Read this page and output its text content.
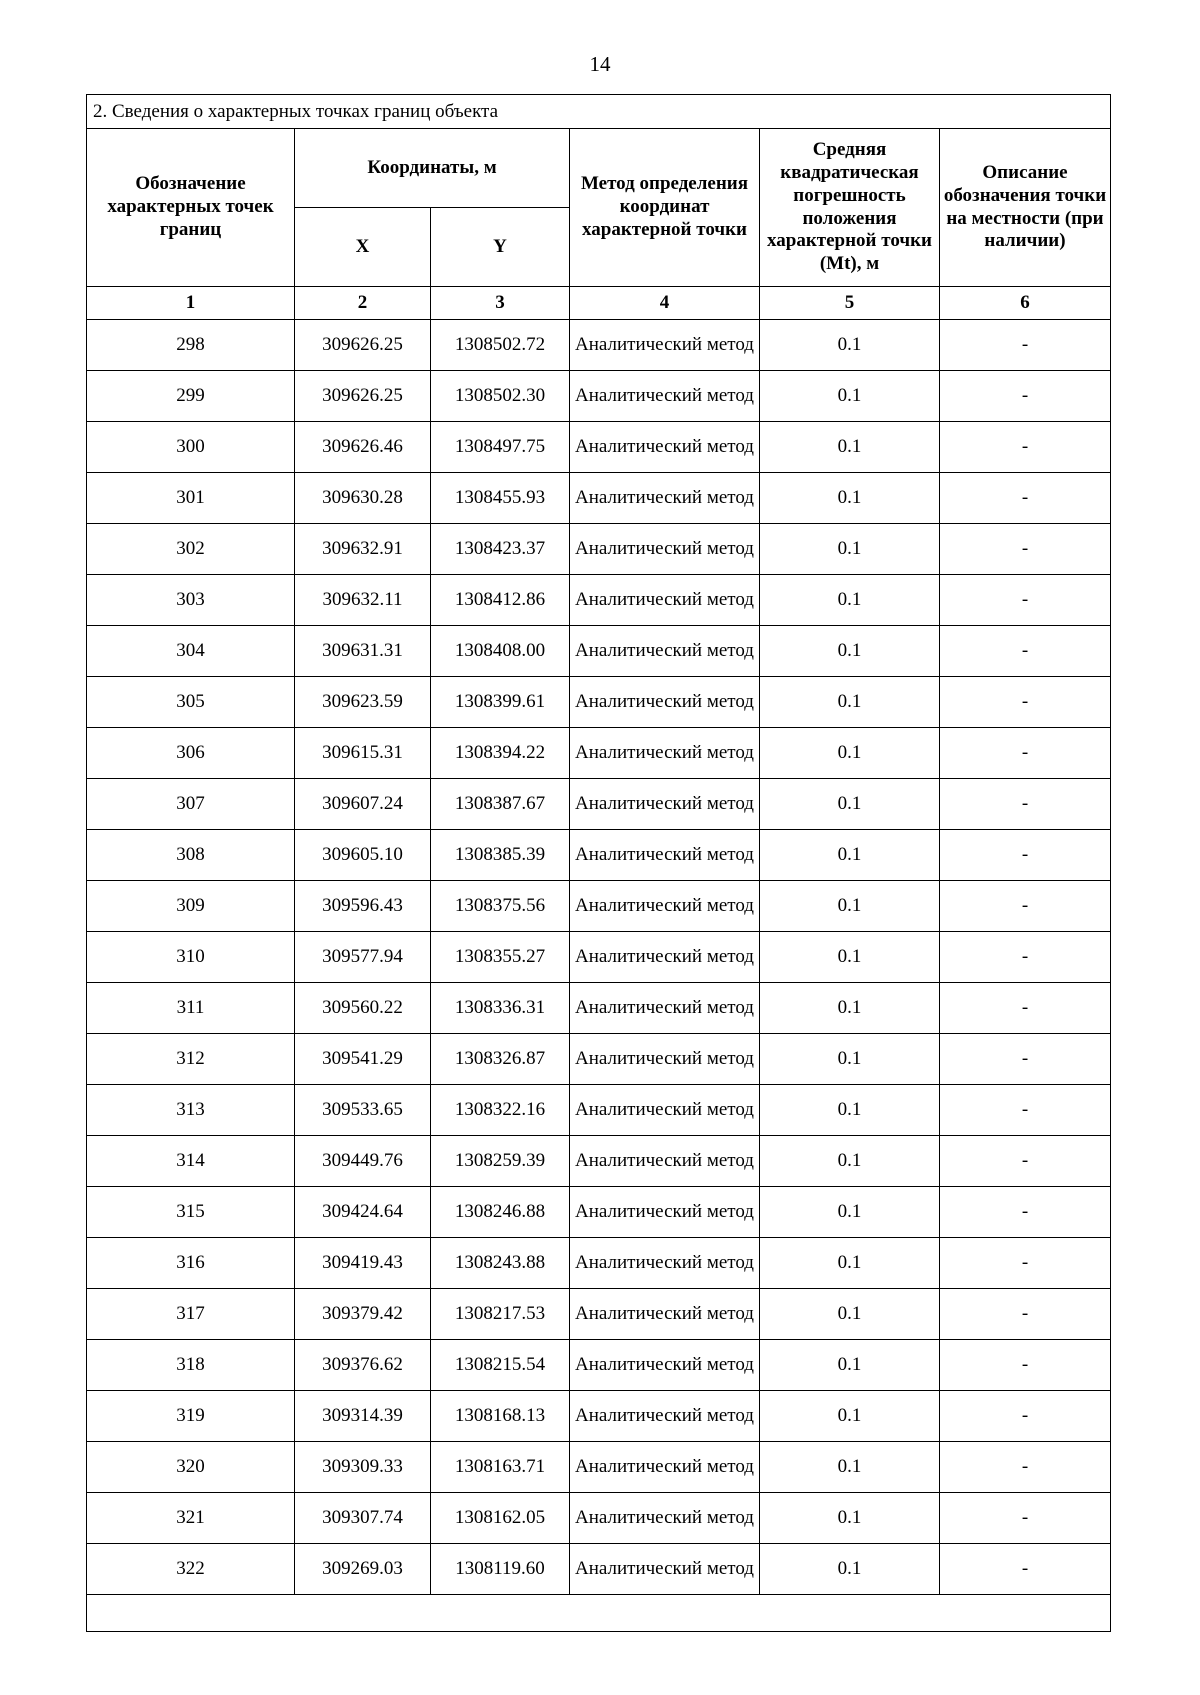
14
2. Сведения о характерных точках границ объекта					
Обозначение характерных точек границ	Координаты, м		Метод определения координат характерной точки	Средняя квадратическая погрешность положения характерной точки (Mt), м	Описание обозначения точки на местности (при наличии)
	X	Y			
1	2	3	4	5	6
298	309626.25	1308502.72	Аналитический метод	0.1	-
299	309626.25	1308502.30	Аналитический метод	0.1	-
300	309626.46	1308497.75	Аналитический метод	0.1	-
301	309630.28	1308455.93	Аналитический метод	0.1	-
302	309632.91	1308423.37	Аналитический метод	0.1	-
303	309632.11	1308412.86	Аналитический метод	0.1	-
304	309631.31	1308408.00	Аналитический метод	0.1	-
305	309623.59	1308399.61	Аналитический метод	0.1	-
306	309615.31	1308394.22	Аналитический метод	0.1	-
307	309607.24	1308387.67	Аналитический метод	0.1	-
308	309605.10	1308385.39	Аналитический метод	0.1	-
309	309596.43	1308375.56	Аналитический метод	0.1	-
310	309577.94	1308355.27	Аналитический метод	0.1	-
311	309560.22	1308336.31	Аналитический метод	0.1	-
312	309541.29	1308326.87	Аналитический метод	0.1	-
313	309533.65	1308322.16	Аналитический метод	0.1	-
314	309449.76	1308259.39	Аналитический метод	0.1	-
315	309424.64	1308246.88	Аналитический метод	0.1	-
316	309419.43	1308243.88	Аналитический метод	0.1	-
317	309379.42	1308217.53	Аналитический метод	0.1	-
318	309376.62	1308215.54	Аналитический метод	0.1	-
319	309314.39	1308168.13	Аналитический метод	0.1	-
320	309309.33	1308163.71	Аналитический метод	0.1	-
321	309307.74	1308162.05	Аналитический метод	0.1	-
322	309269.03	1308119.60	Аналитический метод	0.1	-
